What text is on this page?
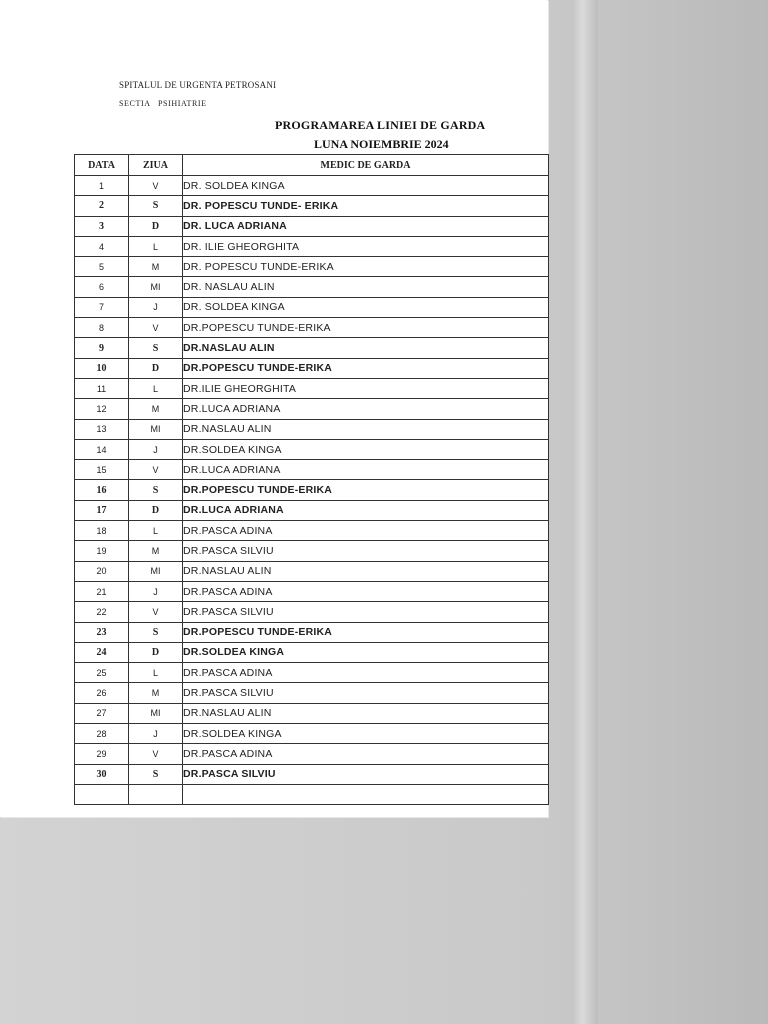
SPITALUL DE URGENTA PETROSANI
SECTIA   PSIHIATRIE
PROGRAMAREA LINIEI DE GARDA
LUNA NOIEMBRIE 2024
DATA	ZIUA	MEDIC DE GARDA
1	V	DR. SOLDEA KINGA
2	S	DR. POPESCU TUNDE- ERIKA
3	D	DR. LUCA ADRIANA
4	L	DR. ILIE GHEORGHITA
5	M	DR. POPESCU TUNDE-ERIKA
6	MI	DR. NASLAU ALIN
7	J	DR. SOLDEA KINGA
8	V	DR.POPESCU TUNDE-ERIKA
9	S	DR.NASLAU ALIN
10	D	DR.POPESCU TUNDE-ERIKA
11	L	DR.ILIE GHEORGHITA
12	M	DR.LUCA ADRIANA
13	MI	DR.NASLAU ALIN
14	J	DR.SOLDEA KINGA
15	V	DR.LUCA ADRIANA
16	S	DR.POPESCU TUNDE-ERIKA
17	D	DR.LUCA ADRIANA
18	L	DR.PASCA ADINA
19	M	DR.PASCA SILVIU
20	MI	DR.NASLAU ALIN
21	J	DR.PASCA ADINA
22	V	DR.PASCA SILVIU
23	S	DR.POPESCU TUNDE-ERIKA
24	D	DR.SOLDEA KINGA
25	L	DR.PASCA ADINA
26	M	DR.PASCA SILVIU
27	MI	DR.NASLAU ALIN
28	J	DR.SOLDEA KINGA
29	V	DR.PASCA ADINA
30	S	DR.PASCA SILVIU
